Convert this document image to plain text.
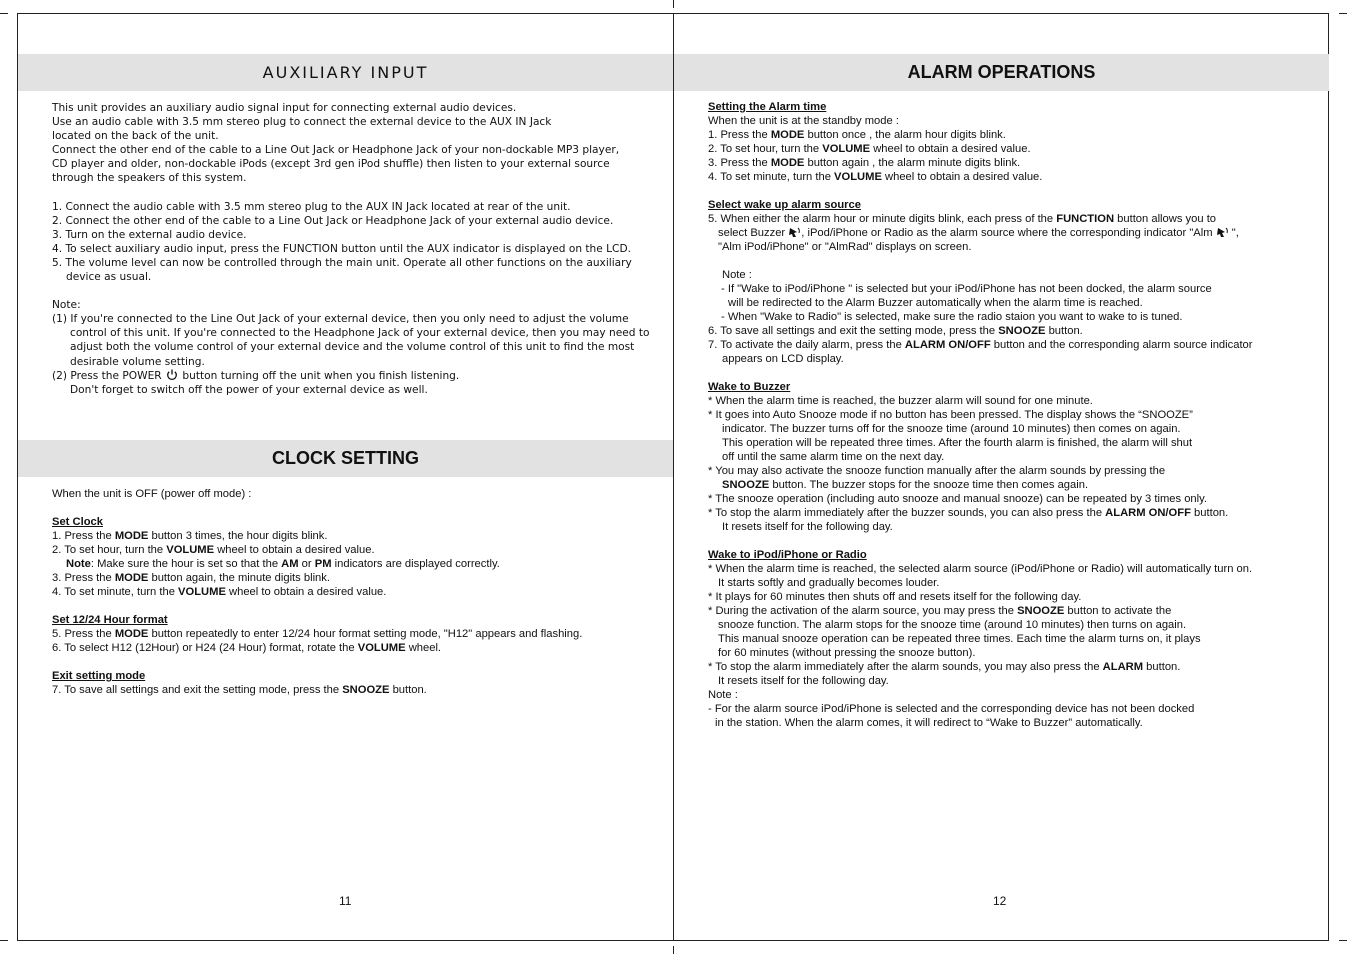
AUXILIARY INPUT
This unit provides an auxiliary audio signal input for connecting external audio devices.
Use an audio cable with 3.5 mm stereo plug to connect the external device to the AUX IN Jack
located on the back of the unit.
Connect the other end of the cable to a Line Out Jack or Headphone Jack of your non-dockable MP3 player,
CD player and older, non-dockable iPods (except 3rd gen iPod shuffle) then listen to your external source
through the speakers of this system.
1. Connect the audio cable with 3.5 mm stereo plug to the AUX IN Jack located at rear of the unit.
2. Connect the other end of the cable to a Line Out Jack or Headphone Jack of your external audio device.
3. Turn on the external audio device.
4. To select auxiliary audio input, press the FUNCTION button until the AUX indicator is displayed on the LCD.
5. The volume level can now be controlled through the main unit. Operate all other functions on the auxiliary
device as usual.
Note:
(1) If you're connected to the Line Out Jack of your external device, then you only need to adjust the volume
control of this unit. If you're connected to the Headphone Jack of your external device, then you may need to
adjust both the volume control of your external device and the volume control of this unit to find the most
desirable volume setting.
(2) Press the POWER button turning off the unit when you finish listening.
Don't forget to switch off the power of your external device as well.
CLOCK SETTING
When the unit is OFF (power off mode) :
Set Clock
1. Press the MODE button 3 times, the hour digits blink.
2. To set hour, turn the VOLUME wheel to obtain a desired value.
Note: Make sure the hour is set so that the AM or PM indicators are displayed correctly.
3. Press the MODE button again, the minute digits blink.
4. To set minute, turn the VOLUME wheel to obtain a desired value.
Set 12/24 Hour format
5. Press the MODE button repeatedly to enter 12/24 hour format setting mode, "H12" appears and flashing.
6. To select H12 (12Hour) or H24 (24 Hour) format, rotate the VOLUME wheel.
Exit setting mode
7. To save all settings and exit the setting mode, press the SNOOZE button.
11
ALARM OPERATIONS
Setting the Alarm time
When the unit is at the standby mode :
1. Press the MODE button once , the alarm hour digits blink.
2. To set hour, turn the VOLUME wheel to obtain a desired value.
3. Press the MODE button again , the alarm minute digits blink.
4. To set minute, turn the VOLUME wheel to obtain a desired value.
Select wake up alarm source
5. When either the alarm hour or minute digits blink, each press of the FUNCTION button allows you to
select Buzzer , iPod/iPhone or Radio as the alarm source where the corresponding indicator "Alm  ",
"Alm iPod/iPhone" or "AlmRad" displays on screen.
Note :
- If "Wake to iPod/iPhone " is selected but your iPod/iPhone has not been docked, the alarm source
will be redirected to the Alarm Buzzer automatically when the alarm time is reached.
- When "Wake to Radio" is selected, make sure the radio staion you want to wake to is tuned.
6. To save all settings and exit the setting mode, press the SNOOZE button.
7. To activate the daily alarm, press the ALARM ON/OFF button and the corresponding alarm source indicator
appears on LCD display.
Wake to Buzzer
* When the alarm time is reached, the buzzer alarm will sound for one minute.
* It goes into Auto Snooze mode if no button has been pressed. The display shows the “SNOOZE”
indicator. The buzzer turns off for the snooze time (around 10 minutes) then comes on again.
This operation will be repeated three times. After the fourth alarm is finished, the alarm will shut
off until the same alarm time on the next day.
* You may also activate the snooze function manually after the alarm sounds by pressing the
SNOOZE button. The buzzer stops for the snooze time then comes again.
* The snooze operation (including auto snooze and manual snooze) can be repeated by 3 times only.
* To stop the alarm immediately after the buzzer sounds, you can also press the ALARM ON/OFF button.
It resets itself for the following day.
Wake to iPod/iPhone or Radio
* When the alarm time is reached, the selected alarm source (iPod/iPhone or Radio) will automatically turn on.
It starts softly and gradually becomes louder.
* It plays for 60 minutes then shuts off and resets itself for the following day.
* During the activation of the alarm source, you may press the SNOOZE button to activate the
snooze function. The alarm stops for the snooze time (around 10 minutes) then turns on again.
This manual snooze operation can be repeated three times. Each time the alarm turns on, it plays
for 60 minutes (without pressing the snooze button).
* To stop the alarm immediately after the alarm sounds, you may also press the ALARM button.
It resets itself for the following day.
Note :
- For the alarm source iPod/iPhone is selected and the corresponding device has not been docked
in the station. When the alarm comes, it will redirect to “Wake to Buzzer” automatically.
12
